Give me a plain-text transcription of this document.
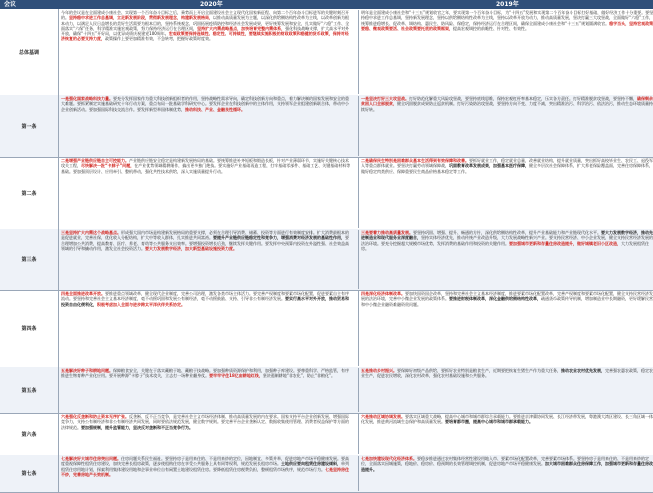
会议	2020年	2019年
总体基调
今年的会议是在全面建成小康社会、实现第一个百年奋斗目标之后，乘势而上开启全面建设社会主义现代化国家新征程、向第二个百年奋斗目标进军的关键时刻召开的。坚持稳中求进工作总基调，立足新发展阶段，贯彻新发展理念，构建新发展格局，以推动高质量发展为主题，以深化供给侧结构性改革为主线，以改革创新为根本动力，以满足人民日益增长的美好生活需要为根本目的，坚持系统观念，巩固拓展疫情防控和经济社会发展成果，更好统筹发展和安全，扎实做好“六稳”工作、全面落实“六保”任务，科学精准实施宏观政策，努力保持经济运行在合理区间，坚持扩大内需战略基点，加快培育完整内需体系，强化科技战略支撑，扩大高水平对外开放，确保“十四五”开好局，以优异成绩庆祝建党100周年。宏观政策要保持连续性、稳定性、可持续性，要继续实施积极的财政政策和稳健的货币政策，保持对经济恢复的必要支持力度，政策操作上要更加精准有效，不急转弯，把握好政策时度效。
明年是全面建成小康社会和“十三五”规划收官之年，要实现第一个百年奋斗目标，为“十四五”发展和实现第二个百年奋斗目标打好基础，做好经济工作十分重要。要坚持稳中求进工作总基调，坚持新发展理念，坚持以供给侧结构性改革为主线，坚持以改革开放为动力，推动高质量发展，坚决打赢三大攻坚战，全面做好“六稳”工作，统筹推进稳增长、促改革、调结构、惠民生、防风险、保稳定，保持经济运行在合理区间，确保全面建成小康社会和“十三五”规划圆满收官。稳字当头，坚持宏观政策要稳、微观政策要活、社会政策要托底的政策框架，提高宏观调控的前瞻性、针对性、有效性。
第一条
一是强化国家战略科技力量。要充分发挥国家作为重大科技创新组织者的作用，坚持战略性需求导向，确定科技创新方向和重点，着力解决制约国家发展和安全的重大难题。要抓紧制定实施基础研究十年行动方案，重点布局一批基础学科研究中心。要发挥企业在科技创新中的主体作用，支持领军企业组建创新联合体，带动中小企业创新活动。要加强国际科技交流合作。要发挥新型举国体制优势，推动科技、产业、金融良性循环。
一是坚决打好三大攻坚战。打好防范化解重大风险攻坚战，要坚持底线思维，保持宏观杠杆率基本稳定，压实各方责任。打好精准脱贫攻坚战，要坚持不懈，确保剩余贫困人口全部脱贫，健全巩固脱贫成果防止返贫机制。打好污染防治攻坚战，要坚持方向不变、力度不减，突出精准治污、科学治污、依法治污，推动生态环境质量持续好转。
第二条
二是增强产业链供应链自主可控能力。产业链供应链安全稳定是构建新发展格局的基础。要统筹推进补齐短板和锻造长板，针对产业薄弱环节，实施好关键核心技术攻关工程，尽快解决一批“卡脖子”问题，在产业优势领域精耕细作，搞出更多独门绝技。要实施好产业基础再造工程，打牢基础零部件、基础工艺、关键基础材料等基础。要加强顶层设计、应用牵引、整机带动，强化共性技术供给，深入实施质量提升行动。
二是确保民生特别是困难群众基本生活得到有效保障和改善。要抓好就业工作，稳定就业总量，改善就业结构，提升就业质量，突出抓好高校毕业生、农民工、退役军人等重点群体就业。要坚决打赢劳动领域保障战，巩固教育改革发展成果，加强基本医疗保障，健全多层次社会保障体系，扩大养老保险覆盖面，完善住房保障体系，做好稳定肉类供应、保障重要民生商品价格基本稳定等工作。
第三条
三是坚持扩大内需这个战略基点。形成强大国内市场是构建新发展格局的重要支撑，必须在合理引导消费、储蓄、投资等方面进行有效制度安排。扩大消费最根本的是促进就业，完善社保，优化收入分配结构，扩大中等收入群体，扎实推进共同富裕。要提升产业链供应链稳定性和竞争力，增强消费对经济发展的基础性作用，要合理增加公共消费，提高教育、医疗、养老、育幼等公共服务支出效率。要增强投资增长后劲，继续发挥关键作用。要发挥中央预算内投资在外溢性强、社会效益高领域的引导和撬动作用，激发全社会投资活力。要大力发展数字经济，加大新型基础设施投资力度。
三是要着力推动高质量发展。要坚持巩固、增强、提升、畅通的方针，深化供给侧结构性改革，提升产业基础能力和产业链现代化水平。要大力发展数字经济，推动先进制造业和现代服务业深度融合，坚持实体经济优先，推动传统产业改造升级，大力发展战略性新兴产业。要支持民营经济、中小企业发展，健全支持民营经济发展的法治环境。要充分挖掘超大规模市场优势，发挥消费的基础作用和投资的关键作用。要加强城市更新和存量住房改造提升，做好城镇老旧小区改造，大力发展租赁住房。
第四条
四是全面推进改革开放。要推进重点领域改革，健全现代企业制度，完善公司治理，激发各类市场主体活力。要完善产权制度和要素市场化配置，促进要素自主有序流动。要坚持和完善社会主义基本经济制度，毫不动摇巩固和发展公有制经济，毫不动摇鼓励、支持、引导非公有制经济发展。要实行高水平对外开放，推动贸易和投资自由化便利化，积极考虑加入全面与进步跨太平洋伙伴关系协定。
四是深化经济体制改革。要加快国资国企改革，坚持和完善社会主义基本经济制度，推进要素市场化配置改革，完善产权制度和要素市场化配置，健全支持民营经济发展的法治环境，完善中小微企业发展的政策体系。要推进财税体制改革，深化金融供给侧结构性改革，疏通货币政策传导机制，增加制造业中长期融资，更好缓解民营和中小微企业融资难融资贵问题。
第五条
五是解决好种子和耕地问题。保障粮食安全，关键在于落实藏粮于地、藏粮于技战略。要加强种质资源保护和利用，加强种子库建设。要尊重科学、严格监管，有序推进生物育种产业化应用。要开展种源“卡脖子”技术攻关，立志打一场种业翻身仗。要牢牢守住18亿亩耕地红线，坚决遏制耕地“非农化”、防止“非粮化”。
五是推动乡村振兴。要保障好初级产品供给，要抓好农业特别是粮食生产，近期要把恢复生猪生产作为重大任务，推动农业农村优先发展，完善强农惠农政策，稳定农业生产，促进农民增收，深化农村改革，强化农村基础设施和公共服务。
第六条
六是强化反垄断和防止资本无序扩张。反垄断、反不正当竞争，是完善社会主义市场经济体制、推动高质量发展的内在要求。国家支持平台企业创新发展、增强国际竞争力，支持公有制经济和非公有制经济共同发展，同时要依法规范发展，健全数字规则。要完善平台企业垄断认定、数据收集使用管理、消费者权益保护等方面的法律规范。要加强规制，提升监管能力，坚决反对垄断和不正当竞争行为。
六是推动区域协调发展。要落实区域重大战略，提高中心城市和城市群综合承载能力。要推进京津冀协同发展、长江经济带发展，粤港澳大湾区建设、长三角区域一体化发展，推进黄河流域生态保护和高质量发展。要培育都市圈，提高中心城市和城市群承载能力。
第七条
七是解决好大城市住房突出问题。住房问题关系民生福祉。要坚持房子是用来住的、不是用来炒的定位，因地制宜、多策并举，促进房地产市场平稳健康发展。要高度重视保障性租赁住房建设，加快完善长租房政策，逐步使租购住房在享受公共服务上具有同等权利，规范发展长租房市场。土地供应要向租赁住房建设倾斜，单列租赁住房用地计划，探索利用集体建设用地和企事业单位自有闲置土地建设租赁住房。要降低租赁住房税费负担，整顿租赁市场秩序，规范市场行为。七是坚持房住不炒，完善房地产长效机制。
七是加快建设现代化经济体系。要稳步推进通过农村集体经营性建设用地入市、要素市场化配置改革，完善要素市场体系。要坚持房子是用来住的、不是用来炒的定位，全面落实因城施策，稳地价、稳房价、稳预期的长效管理调控机制，促进房地产市场平稳健康发展。加大城市困难群众住房保障工作，加强城市更新和存量住房改造提升。
